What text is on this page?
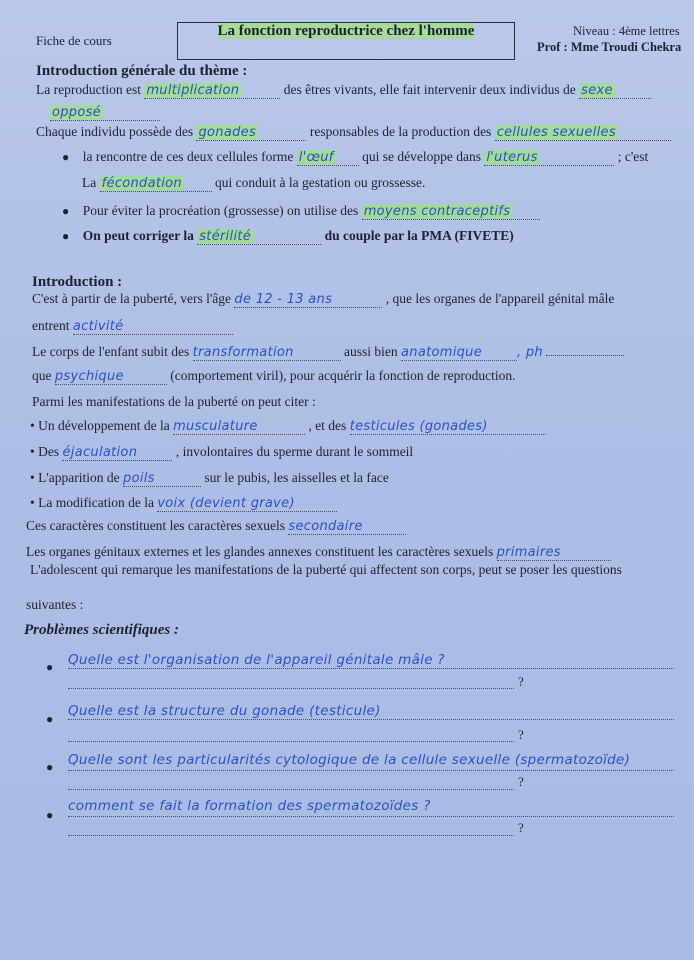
Fiche de cours
La fonction reproductrice chez l'homme	Niveau : 4ème lettres
Prof : Mme Troudi Chekra
Introduction générale du thème :
La reproduction est multiplication	des êtres vivants, elle fait intervenir deux individus de sexe
opposé
Chaque individu possède des gonades	responsables de la production des cellules sexuelles
● la rencontre de ces deux cellules forme l'œuf qui se développe dans l'uterus	; c'est
La fécondation qui conduit à la gestation ou grossesse.
● Pour éviter la procréation (grossesse) on utilise des moyens contraceptifs
● On peut corriger la stérilité	du couple par la PMA (FIVETE)
Introduction :
C'est à partir de la puberté, vers l'âge de 12 - 13 ans	, que les organes de l'appareil génital mâle
entrent activité
Le corps de l'enfant subit des transformation	aussi bien anatomique	, ph
que psychique	(comportement viril), pour acquérir la fonction de reproduction.
Parmi les manifestations de la puberté on peut citer :
• Un développement de la musculature	, et des testicules (gonades)
• Des éjaculation	, involontaires du sperme durant le sommeil
• L'apparition de poils	sur le pubis, les aisselles et la face
• La modification de la voix (devient grave)
Ces caractères constituent les caractères sexuels secondaire
Les organes génitaux externes et les glandes annexes constituent les caractères sexuels primaires
L'adolescent qui remarque les manifestations de la puberté qui affectent son corps, peut se poser les questions
suivantes :
Problèmes scientifiques :
● Quelle est l'organisation de l'appareil génitale mâle ?
?
● Quelle est la structure du gonade (testicule)
?
● Quelle sont les particularités cytologique de la cellule sexuelle (spermatozoïde)
?
●
comment se fait la formation des spermatozoïdes ?
?
